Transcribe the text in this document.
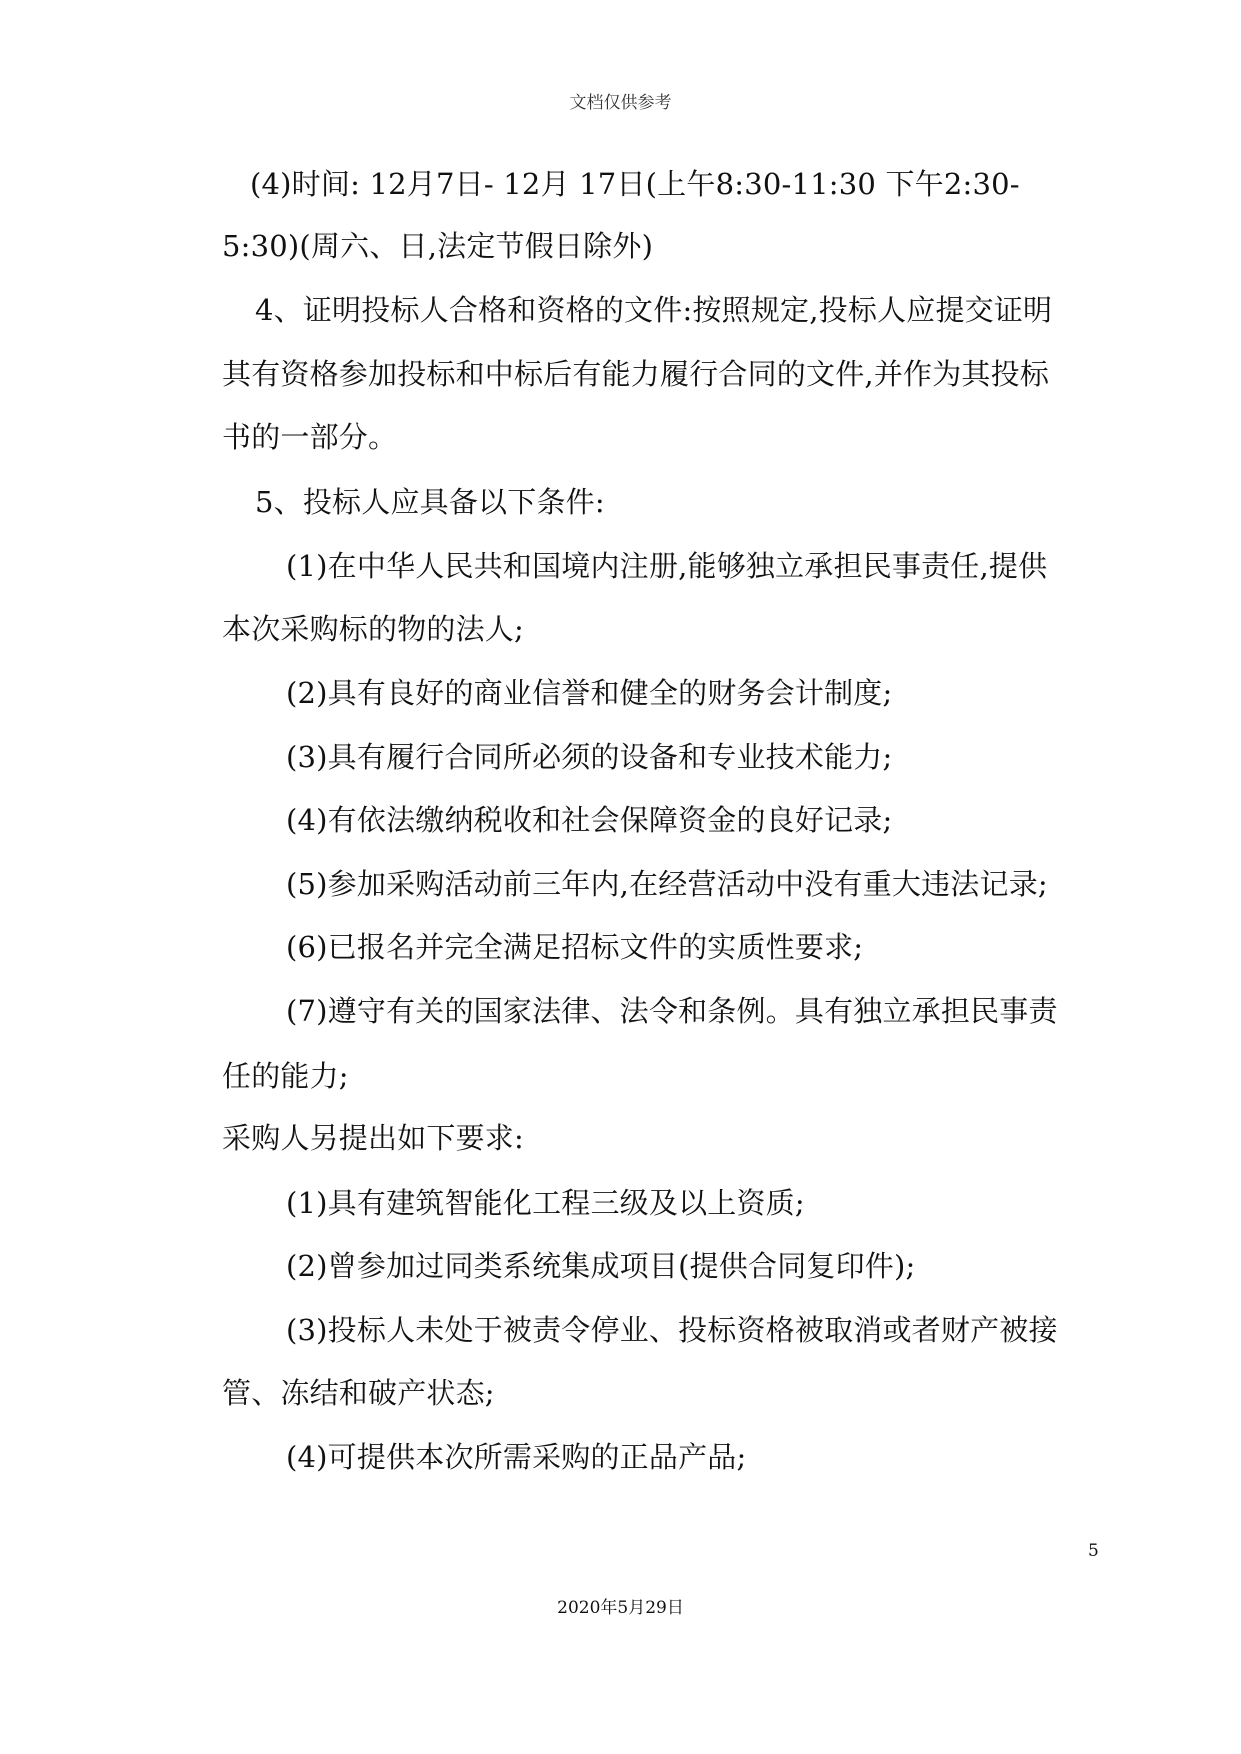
文档仅供参考
(4)时间: 12月7日- 12月 17日(上午8:30-11:30 下午2:30-
5:30)(周六、日,法定节假日除外)
4、证明投标人合格和资格的文件:按照规定,投标人应提交证明
其有资格参加投标和中标后有能力履行合同的文件,并作为其投标
书的一部分。
5、投标人应具备以下条件:
(1)在中华人民共和国境内注册,能够独立承担民事责任,提供
本次采购标的物的法人;
(2)具有良好的商业信誉和健全的财务会计制度;
(3)具有履行合同所必须的设备和专业技术能力;
(4)有依法缴纳税收和社会保障资金的良好记录;
(5)参加采购活动前三年内,在经营活动中没有重大违法记录;
(6)已报名并完全满足招标文件的实质性要求;
(7)遵守有关的国家法律、法令和条例。具有独立承担民事责
任的能力;
采购人另提出如下要求:
(1)具有建筑智能化工程三级及以上资质;
(2)曾参加过同类系统集成项目(提供合同复印件);
(3)投标人未处于被责令停业、投标资格被取消或者财产被接
管、冻结和破产状态;
(4)可提供本次所需采购的正品产品;
5
2020年5月29日
